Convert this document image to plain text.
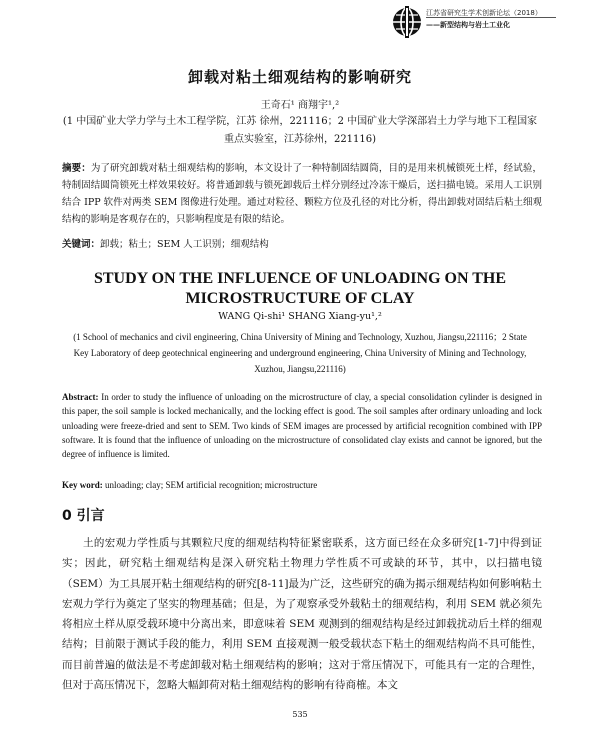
江苏省研究生学术创新论坛（2018）
——新型结构与岩土工业化
卸载对粘土细观结构的影响研究
王奇石¹ 商翔宇¹,²
(1 中国矿业大学力学与土木工程学院，江苏 徐州，221116；2 中国矿业大学深部岩土力学与地下工程国家重点实验室，江苏徐州，221116)
摘要：为了研究卸载对粘土细观结构的影响，本文设计了一种特制固结圆筒，目的是用来机械锁死土样，经试验，特制固结圆筒锁死土样效果较好。将普通卸载与锁死卸载后土样分别经过冷冻干燥后，送扫描电镜。采用人工识别结合 IPP 软件对两类 SEM 图像进行处理。通过对粒径、颗粒方位及孔径的对比分析，得出卸载对固结后粘土细观结构的影响是客观存在的，只影响程度是有限的结论。
关键词：卸载；粘土；SEM 人工识别；细观结构
STUDY ON THE INFLUENCE OF UNLOADING ON THE MICROSTRUCTURE OF CLAY
WANG Qi-shi¹ SHANG Xiang-yu¹,²
(1 School of mechanics and civil engineering, China University of Mining and Technology, Xuzhou, Jiangsu,221116；2 State Key Laboratory of deep geotechnical engineering and underground engineering, China University of Mining and Technology, Xuzhou, Jiangsu,221116)
Abstract: In order to study the influence of unloading on the microstructure of clay, a special consolidation cylinder is designed in this paper, the soil sample is locked mechanically, and the locking effect is good. The soil samples after ordinary unloading and lock unloading were freeze-dried and sent to SEM. Two kinds of SEM images are processed by artificial recognition combined with IPP software. It is found that the influence of unloading on the microstructure of consolidated clay exists and cannot be ignored, but the degree of influence is limited.
Key word: unloading; clay; SEM artificial recognition; microstructure
0 引言
土的宏观力学性质与其颗粒尺度的细观结构特征紧密联系，这方面已经在众多研究[1-7]中得到证实；因此，研究粘土细观结构是深入研究粘土物理力学性质不可或缺的环节，其中，以扫描电镜（SEM）为工具展开粘土细观结构的研究[8-11]最为广泛，这些研究的确为揭示细观结构如何影响粘土宏观力学行为奠定了坚实的物理基础；但是，为了观察承受外载粘土的细观结构，利用 SEM 就必须先将相应土样从原受载环境中分离出来，即意味着 SEM 观测到的细观结构是经过卸载扰动后土样的细观结构；目前限于测试手段的能力，利用 SEM 直接观测一般受载状态下粘土的细观结构尚不具可能性，而目前普遍的做法是不考虑卸载对粘土细观结构的影响；这对于常压情况下，可能具有一定的合理性，但对于高压情况下，忽略大幅卸荷对粘土细观结构的影响有待商榷。本文
535
